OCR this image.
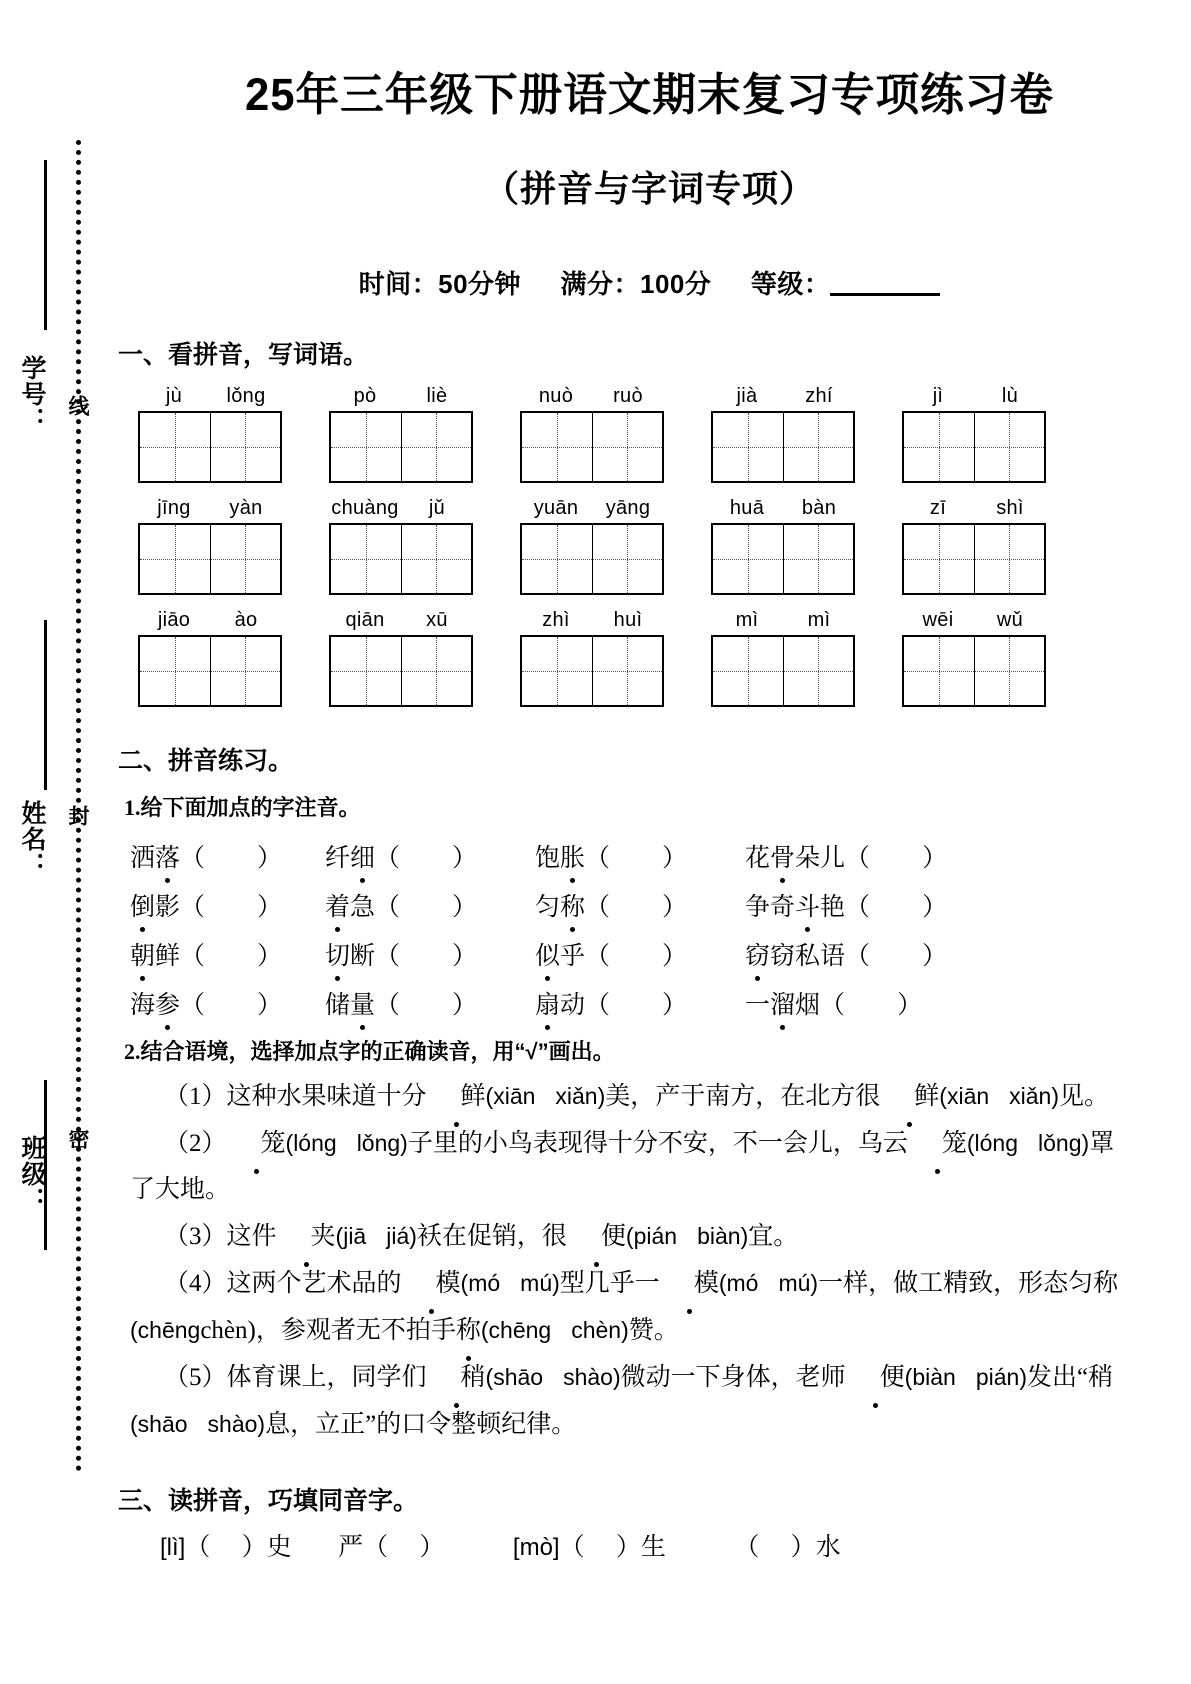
学号：
姓名：
班级：
线
封
密
25年三年级下册语文期末复习专项练习卷
（拼音与字词专项）
时间：50分钟 满分：100分 等级：
一、看拼音，写词语。
jù	lǒng	pò	liè	nuò	ruò	jià	zhí	jì	lù
jīng	yàn	chuàng	jǔ	yuān	yāng	huā	bàn	zī	shì
jiāo	ào	qiān	xū	zhì	huì	mì	mì	wēi	wǔ
二、拼音练习。
1.给下面加点的字注音。
洒落（ ）	纤细（ ）	饱胀（ ）	花骨朵儿（ ）
倒影（ ）	着急（ ）	匀称（ ）	争奇斗艳（ ）
朝鲜（ ）	切断（ ）	似乎（ ）	窃窃私语（ ）
海参（ ）	储量（ ）	扇动（ ）	一溜烟（ ）
2.结合语境，选择加点字的正确读音，用“√”画出。
（1）这种水果味道十分 鲜(xiān xiǎn)美，产于南方，在北方很 鲜(xiān xiǎn)见。
（2） 笼(lóng lǒng)子里的小鸟表现得十分不安，不一会儿，乌云 笼(lóng lǒng)罩
了大地。
（3）这件 夹(jiā jiá)袄在促销，很 便(pián biàn)宜。
（4）这两个艺术品的 模(mó mú)型几乎一 模(mó mú)一样，做工精致，形态匀称
(chēngchèn)，参观者无不拍手称(chēng chèn)赞。
（5）体育课上，同学们 稍(shāo shào)微动一下身体，老师 便(biàn pián)发出“稍
(shāo shào)息，立正”的口令整顿纪律。
三、读拼音，巧填同音字。
[lì]（     ）史 严（     ）	[mò]（     ）生	（     ）水
